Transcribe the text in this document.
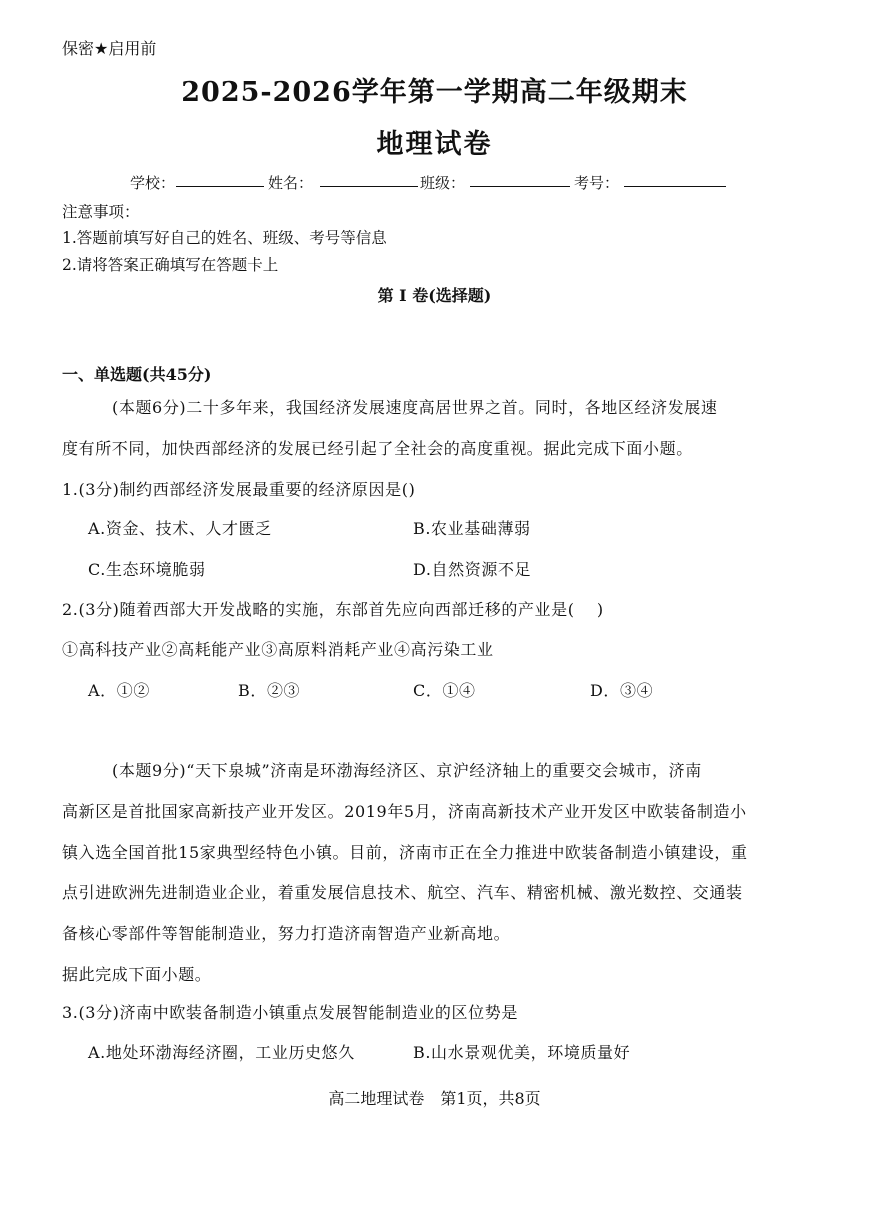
保密★启用前
2025-2026学年第一学期高二年级期末
地理试卷
学校：	姓名：	班级：	考号：
注意事项：
1.答题前填写好自己的姓名、班级、考号等信息
2.请将答案正确填写在答题卡上
第 I 卷(选择题)
一、单选题(共45分)
(本题6分)二十多年来，我国经济发展速度高居世界之首。同时，各地区经济发展速
度有所不同，加快西部经济的发展已经引起了全社会的高度重视。据此完成下面小题。
1.(3分)制约西部经济发展最重要的经济原因是()
A.资金、技术、人才匮乏	B.农业基础薄弱
C.生态环境脆弱	D.自然资源不足
2.(3分)随着西部大开发战略的实施，东部首先应向西部迁移的产业是(　 )
①高科技产业②高耗能产业③高原料消耗产业④高污染工业
A．①②	B．②③	C．①④	D．③④
(本题9分)“天下泉城”济南是环渤海经济区、京沪经济轴上的重要交会城市，济南
高新区是首批国家高新技产业开发区。2019年5月，济南高新技术产业开发区中欧装备制造小
镇入选全国首批15家典型经特色小镇。目前，济南市正在全力推进中欧装备制造小镇建设，重
点引进欧洲先进制造业企业，着重发展信息技术、航空、汽车、精密机械、激光数控、交通装
备核心零部件等智能制造业，努力打造济南智造产业新高地。
据此完成下面小题。
3.(3分)济南中欧装备制造小镇重点发展智能制造业的区位势是
A.地处环渤海经济圈，工业历史悠久	B.山水景观优美，环境质量好
高二地理试卷　第1页，共8页
